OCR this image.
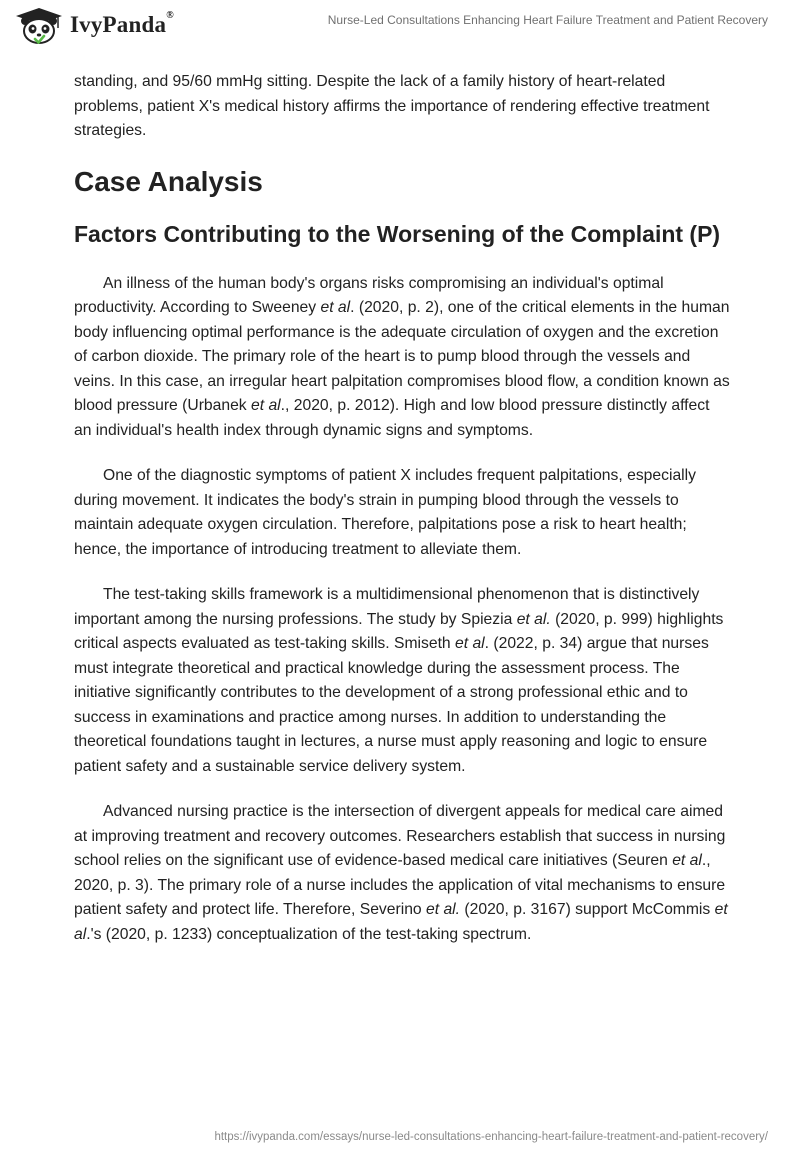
IvyPanda®	Nurse-Led Consultations Enhancing Heart Failure Treatment and Patient Recovery

standing, and 95/60 mmHg sitting. Despite the lack of a family history of heart-related problems, patient X's medical history affirms the importance of rendering effective treatment strategies.

Case Analysis
Factors Contributing to the Worsening of the Complaint (P)

An illness of the human body's organs risks compromising an individual's optimal productivity. According to Sweeney et al. (2020, p. 2), one of the critical elements in the human body influencing optimal performance is the adequate circulation of oxygen and the excretion of carbon dioxide. The primary role of the heart is to pump blood through the vessels and veins. In this case, an irregular heart palpitation compromises blood flow, a condition known as blood pressure (Urbanek et al., 2020, p. 2012). High and low blood pressure distinctly affect an individual's health index through dynamic signs and symptoms.

One of the diagnostic symptoms of patient X includes frequent palpitations, especially during movement. It indicates the body's strain in pumping blood through the vessels to maintain adequate oxygen circulation. Therefore, palpitations pose a risk to heart health; hence, the importance of introducing treatment to alleviate them.

The test-taking skills framework is a multidimensional phenomenon that is distinctively important among the nursing professions. The study by Spiezia et al. (2020, p. 999) highlights critical aspects evaluated as test-taking skills. Smiseth et al. (2022, p. 34) argue that nurses must integrate theoretical and practical knowledge during the assessment process. The initiative significantly contributes to the development of a strong professional ethic and to success in examinations and practice among nurses. In addition to understanding the theoretical foundations taught in lectures, a nurse must apply reasoning and logic to ensure patient safety and a sustainable service delivery system.

Advanced nursing practice is the intersection of divergent appeals for medical care aimed at improving treatment and recovery outcomes. Researchers establish that success in nursing school relies on the significant use of evidence-based medical care initiatives (Seuren et al., 2020, p. 3). The primary role of a nurse includes the application of vital mechanisms to ensure patient safety and protect life. Therefore, Severino et al. (2020, p. 3167) support McCommis et al.'s (2020, p. 1233) conceptualization of the test-taking spectrum.

https://ivypanda.com/essays/nurse-led-consultations-enhancing-heart-failure-treatment-and-patient-recovery/
